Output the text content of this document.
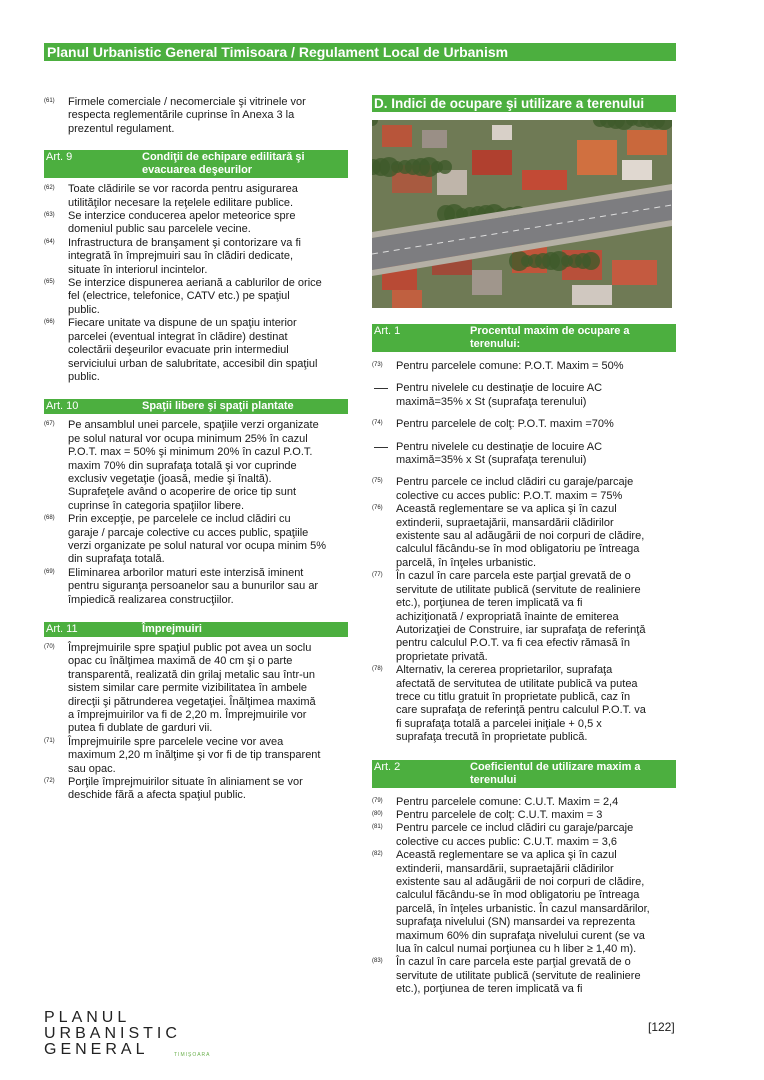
Planul Urbanistic General Timisoara / Regulament Local de Urbanism
(61) Firmele comerciale / necomerciale şi vitrinele vor
respecta reglementările cuprinse în Anexa 3 la
prezentul regulament.
Art. 9	Condiţii de echipare edilitară şi
evacuarea deşeurilor
(62) Toate clădirile se vor racorda pentru asigurarea
utilităţilor necesare la reţelele edilitare publice.
(63) Se interzice conducerea apelor meteorice spre
domeniul public sau parcelele vecine.
(64) Infrastructura de branşament şi contorizare va fi
integrată în împrejmuiri sau în clădiri dedicate,
situate în interiorul incintelor.
(65) Se interzice dispunerea aeriană a cablurilor de orice
fel (electrice, telefonice, CATV etc.) pe spaţiul
public.
(66) Fiecare unitate va dispune de un spaţiu interior
parcelei (eventual integrat în clădire) destinat
colectării deşeurilor evacuate prin intermediul
serviciului urban de salubritate, accesibil din spaţiul
public.
Art. 10	Spaţii libere şi spaţii plantate
(67) Pe ansamblul unei parcele, spaţiile verzi organizate
pe solul natural vor ocupa minimum 25% în cazul
P.O.T. max = 50% şi minimum 20% în cazul P.O.T.
maxim 70% din suprafaţa totală şi vor cuprinde
exclusiv vegetaţie (joasă, medie şi înaltă).
Suprafeţele având o acoperire de orice tip sunt
cuprinse în categoria spaţiilor libere.
(68) Prin excepţie, pe parcelele ce includ clădiri cu
garaje / parcaje colective cu acces public, spaţiile
verzi organizate pe solul natural vor ocupa minim 5%
din suprafaţa totală.
(69) Eliminarea arborilor maturi este interzisă iminent
pentru siguranţa persoanelor sau a bunurilor sau ar
împiedică realizarea construcţiilor.
Art. 11	Împrejmuiri
(70) Împrejmuirile spre spaţiul public pot avea un soclu
opac cu înălţimea maximă de 40 cm şi o parte
transparentă, realizată din grilaj metalic sau într-un
sistem similar care permite vizibilitatea în ambele
direcţii şi pătrunderea vegetaţiei. Înălţimea maximă
a împrejmuirilor va fi de 2,20 m. Împrejmuirile vor
putea fi dublate de garduri vii.
(71) Împrejmuirile spre parcelele vecine vor avea
maximum 2,20 m înălţime şi vor fi de tip transparent
sau opac.
(72) Porţile împrejmuirilor situate în aliniament se vor
deschide fără a afecta spaţiul public.
D. Indici de ocupare şi utilizare a terenului
Art. 1	Procentul maxim de ocupare a
terenului:
(73) Pentru parcelele comune: P.O.T. Maxim = 50%
Pentru nivelele cu destinaţie de locuire AC
maximă=35% x St (suprafaţa terenului)
(74) Pentru parcelele de colţ: P.O.T. maxim =70%
Pentru nivelele cu destinaţie de locuire AC
maximă=35% x St (suprafaţa terenului)
(75) Pentru parcele ce includ clădiri cu garaje/parcaje
colective cu acces public: P.O.T. maxim = 75%
(76) Această reglementare se va aplica şi în cazul
extinderii, supraetajării, mansardării clădirilor
existente sau al adăugării de noi corpuri de clădire,
calculul făcându-se în mod obligatoriu pe întreaga
parcelă, în înţeles urbanistic.
(77) În cazul în care parcela este parţial grevată de o
servitute de utilitate publică (servitute de realiniere
etc.), porţiunea de teren implicată va fi
achiziţionată / expropriată înainte de emiterea
Autorizaţiei de Construire, iar suprafaţa de referinţă
pentru calculul P.O.T. va fi cea efectiv rămasă în
proprietate privată.
(78) Alternativ, la cererea proprietarilor, suprafaţa
afectată de servitutea de utilitate publică va putea
trece cu titlu gratuit în proprietate publică, caz în
care suprafaţa de referinţă pentru calculul P.O.T. va
fi suprafaţa totală a parcelei iniţiale + 0,5 x
suprafaţa trecută în proprietate publică.
Art. 2	Coeficientul de utilizare maxim a
terenului
(79) Pentru parcelele comune: C.U.T. Maxim = 2,4
(80) Pentru parcelele de colţ: C.U.T. maxim = 3
(81) Pentru parcele ce includ clădiri cu garaje/parcaje
colective cu acces public: C.U.T. maxim = 3,6
(82) Această reglementare se va aplica şi în cazul
extinderii, mansardării, supraetajării clădirilor
existente sau al adăugării de noi corpuri de clădire,
calculul făcându-se în mod obligatoriu pe întreaga
parcelă, în înţeles urbanistic. În cazul mansardărilor,
suprafaţa nivelului (SN) mansardei va reprezenta
maximum 60% din suprafaţa nivelului curent (se va
lua în calcul numai porţiunea cu h liber ≥ 1,40 m).
(83) În cazul în care parcela este parţial grevată de o
servitute de utilitate publică (servitute de realiniere
etc.), porţiunea de teren implicată va fi
PLANUL
URBANISTIC
GENERAL	TIMIŞOARA
[122]
